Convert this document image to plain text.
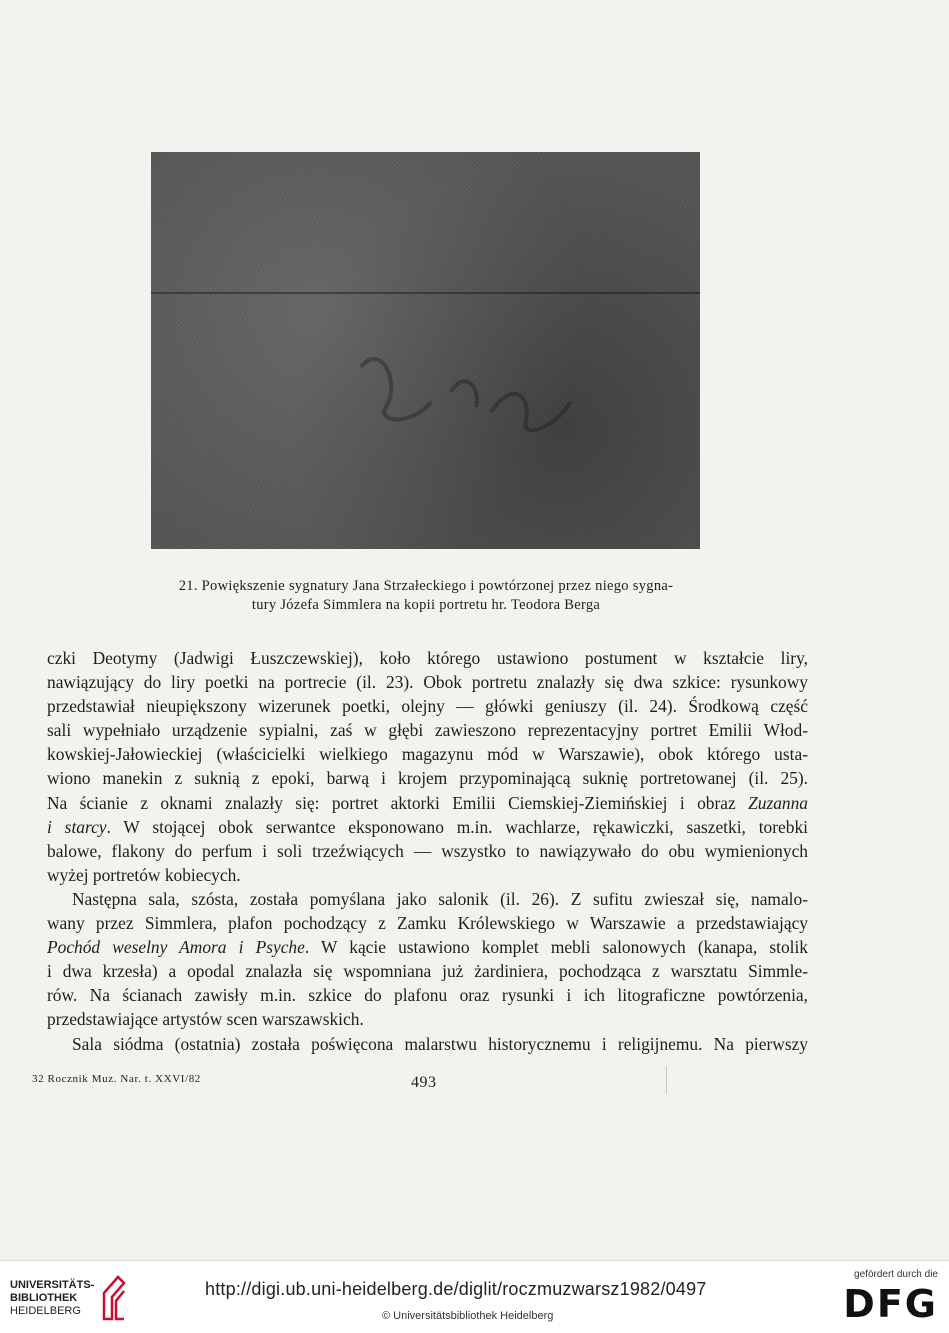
21. Powiększenie sygnatury Jana Strzałeckiego i powtórzonej przez niego sygna-
tury Józefa Simmlera na kopii portretu hr. Teodora Berga
czki Deotymy (Jadwigi Łuszczewskiej), koło którego ustawiono postument w kształcie liry,
nawiązujący do liry poetki na portrecie (il. 23). Obok portretu znalazły się dwa szkice: rysunkowy
przedstawiał nieupiększony wizerunek poetki, olejny — główki geniuszy (il. 24). Środkową część
sali wypełniało urządzenie sypialni, zaś w głębi zawieszono reprezentacyjny portret Emilii Włod-
kowskiej-Jałowieckiej (właścicielki wielkiego magazynu mód w Warszawie), obok którego usta-
wiono manekin z suknią z epoki, barwą i krojem przypominającą suknię portretowanej (il. 25).
Na ścianie z oknami znalazły się: portret aktorki Emilii Ciemskiej-Ziemińskiej i obraz Zuzanna
i starcy. W stojącej obok serwantce eksponowano m.in. wachlarze, rękawiczki, saszetki, torebki
balowe, flakony do perfum i soli trzeźwiących — wszystko to nawiązywało do obu wymienionych
wyżej portretów kobiecych.
Następna sala, szósta, została pomyślana jako salonik (il. 26). Z sufitu zwieszał się, namalo-
wany przez Simmlera, plafon pochodzący z Zamku Królewskiego w Warszawie a przedstawiający
Pochód weselny Amora i Psyche. W kącie ustawiono komplet mebli salonowych (kanapa, stolik
i dwa krzesła) a opodal znalazła się wspomniana już żardiniera, pochodząca z warsztatu Simmle-
rów. Na ścianach zawisły m.in. szkice do plafonu oraz rysunki i ich litograficzne powtórzenia,
przedstawiające artystów scen warszawskich.
Sala siódma (ostatnia) została poświęcona malarstwu historycznemu i religijnemu. Na pierwszy
32 Rocznik Muz. Nar. t. XXVI/82	493
UNIVERSITÄTS-
BIBLIOTHEK
HEIDELBERG
http://digi.ub.uni-heidelberg.de/diglit/roczmuzwarsz1982/0497
© Universitätsbibliothek Heidelberg
gefördert durch die
DFG
